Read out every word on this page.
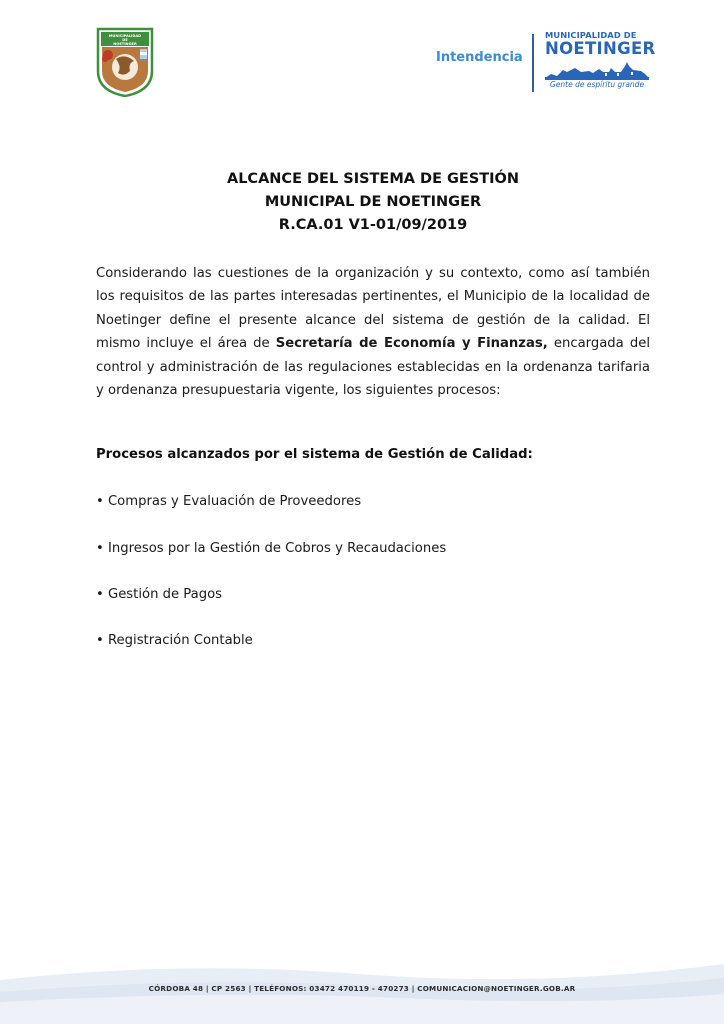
MUNICIPALIDAD
DE
NOETINGER
Intendencia
MUNICIPALIDAD DE
NOETINGER
Gente de espíritu grande
ALCANCE DEL SISTEMA DE GESTIÓN
MUNICIPAL DE NOETINGER
R.CA.01 V1-01/09/2019
Considerando las cuestiones de la organización y su contexto, como así también los requisitos de las partes interesadas pertinentes, el Municipio de la localidad de Noetinger define el presente alcance del sistema de gestión de la calidad. El mismo incluye el área de Secretaría de Economía y Finanzas, encargada del control y administración de las regulaciones establecidas en la ordenanza tarifaria y ordenanza presupuestaria vigente, los siguientes procesos:
Procesos alcanzados por el sistema de Gestión de Calidad:
• Compras y Evaluación de Proveedores
• Ingresos por la Gestión de Cobros y Recaudaciones
• Gestión de Pagos
• Registración Contable
CÓRDOBA 48 | CP 2563 | TELÉFONOS: 03472 470119 - 470273 | COMUNICACION@NOETINGER.GOB.AR
